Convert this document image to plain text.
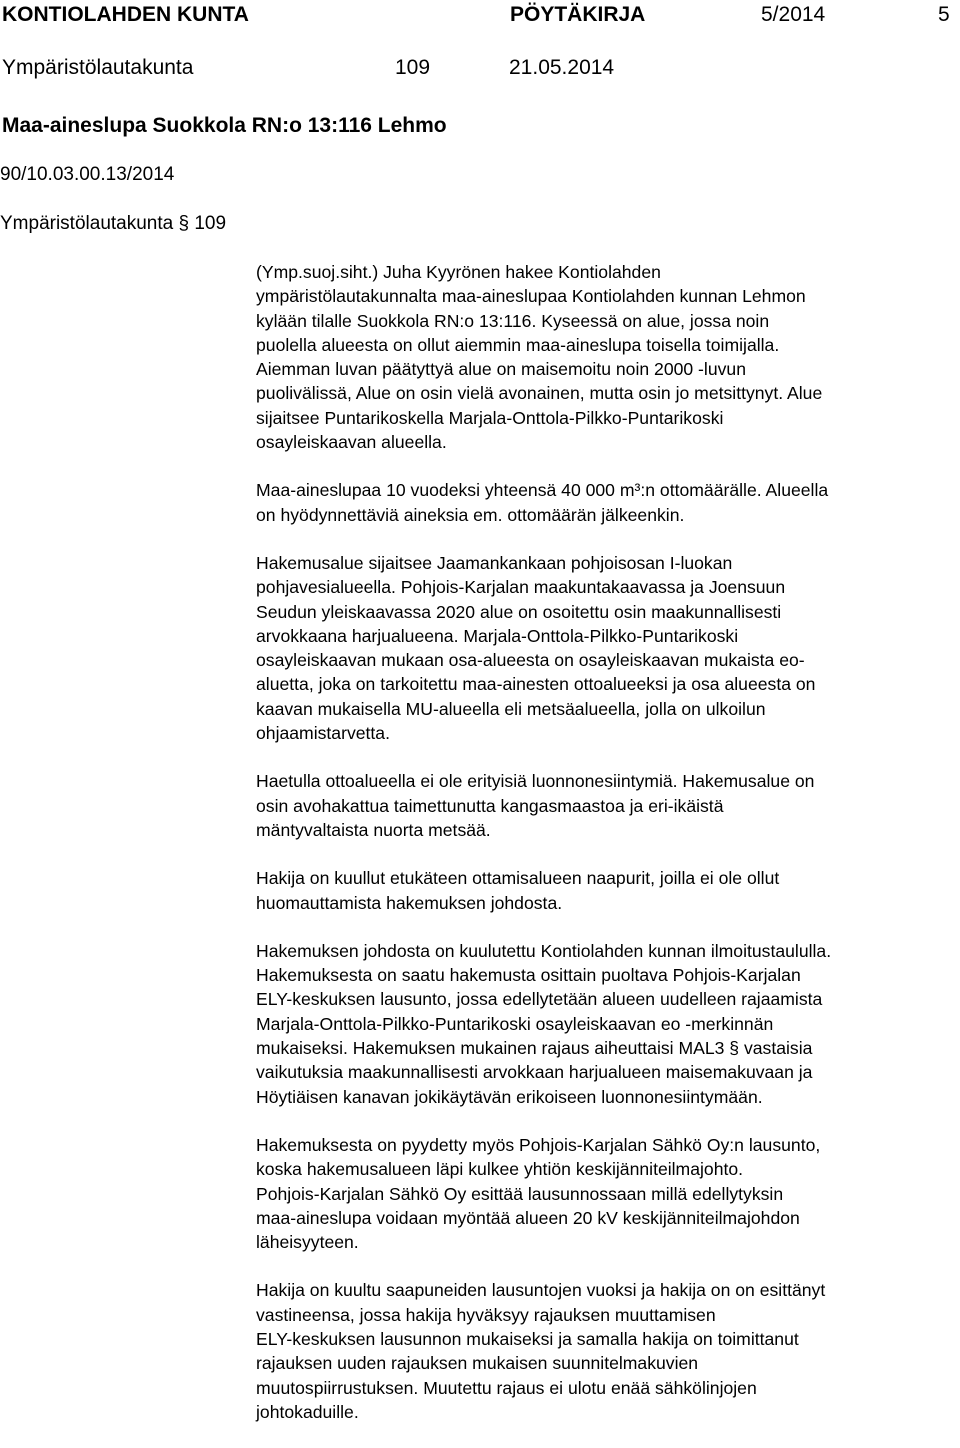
KONTIOLAHDEN KUNTA	PÖYTÄKIRJA	5/2014	5
Ympäristölautakunta	109	21.05.2014
Maa-aineslupa Suokkola RN:o 13:116 Lehmo
90/10.03.00.13/2014
Ympäristölautakunta § 109

(Ymp.suoj.siht.) Juha Kyyrönen hakee Kontiolahden

ympäristölautakunnalta maa-aineslupaa Kontiolahden kunnan Lehmon

kylään tilalle Suokkola RN:o 13:116. Kyseessä on alue, jossa noin

puolella alueesta on ollut aiemmin maa-aineslupa toisella toimijalla.

Aiemman luvan päätyttyä alue on maisemoitu noin 2000 -luvun

puolivälissä, Alue on osin vielä avonainen, mutta osin jo metsittynyt. Alue

sijaitsee Puntarikoskella Marjala-Onttola-Pilkko-Puntarikoski

osayleiskaavan alueella.

Maa-aineslupaa 10 vuodeksi yhteensä 40 000 m³:n ottomäärälle. Alueella

on hyödynnettäviä aineksia em. ottomäärän jälkeenkin.

Hakemusalue sijaitsee Jaamankankaan pohjoisosan I-luokan

pohjavesialueella. Pohjois-Karjalan maakuntakaavassa ja Joensuun

Seudun yleiskaavassa 2020 alue on osoitettu osin maakunnallisesti

arvokkaana harjualueena. Marjala-Onttola-Pilkko-Puntarikoski

osayleiskaavan mukaan osa-alueesta on osayleiskaavan mukaista eo-

aluetta, joka on tarkoitettu maa-ainesten ottoalueeksi ja osa alueesta on

kaavan mukaisella MU-alueella eli metsäalueella, jolla on ulkoilun

ohjaamistarvetta.

Haetulla ottoalueella ei ole erityisiä luonnonesiintymiä. Hakemusalue on

osin avohakattua taimettunutta kangasmaastoa ja eri-ikäistä

mäntyvaltaista nuorta metsää.

Hakija on kuullut etukäteen ottamisalueen naapurit, joilla ei ole ollut

huomauttamista hakemuksen johdosta.

Hakemuksen johdosta on kuulutettu Kontiolahden kunnan ilmoitustaululla.

Hakemuksesta on saatu hakemusta osittain puoltava Pohjois-Karjalan

ELY-keskuksen lausunto, jossa edellytetään alueen uudelleen rajaamista

Marjala-Onttola-Pilkko-Puntarikoski osayleiskaavan eo -merkinnän

mukaiseksi. Hakemuksen mukainen rajaus aiheuttaisi MAL3 § vastaisia

vaikutuksia maakunnallisesti arvokkaan harjualueen maisemakuvaan ja

Höytiäisen kanavan jokikäytävän erikoiseen luonnonesiintymään.

Hakemuksesta on pyydetty myös Pohjois-Karjalan Sähkö Oy:n lausunto,

koska hakemusalueen läpi kulkee yhtiön keskijänniteilmajohto.

Pohjois-Karjalan Sähkö Oy esittää lausunnossaan millä edellytyksin

maa-aineslupa voidaan myöntää alueen 20 kV keskijänniteilmajohdon

läheisyyteen.

Hakija on kuultu saapuneiden lausuntojen vuoksi ja hakija on on esittänyt

vastineensa, jossa hakija hyväksyy rajauksen muuttamisen

ELY-keskuksen lausunnon mukaiseksi ja samalla hakija on toimittanut

rajauksen uuden rajauksen mukaisen suunnitelmakuvien

muutospiirrustuksen. Muutettu rajaus ei ulotu enää sähkölinjojen

johtokaduille.
